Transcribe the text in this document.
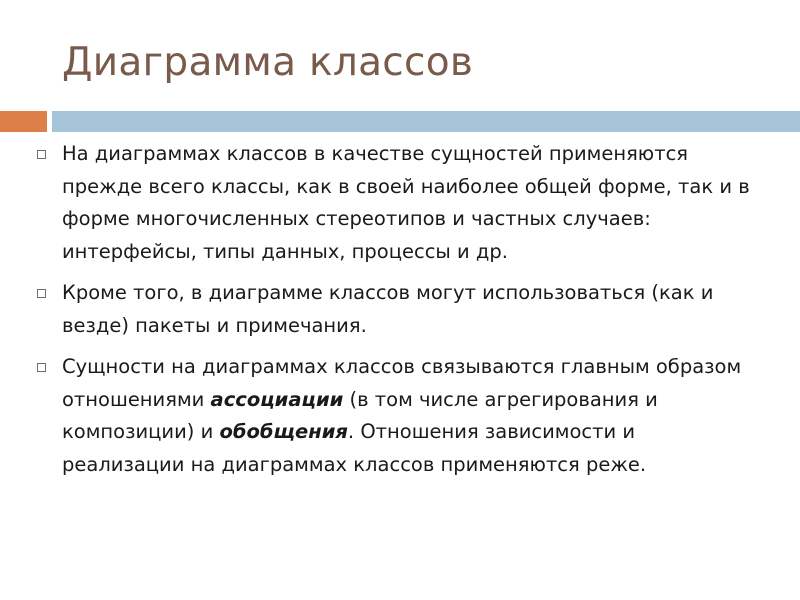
Диаграмма классов
На диаграммах классов в качестве сущностей применяются прежде всего классы, как в своей наиболее общей форме, так и в форме многочисленных стереотипов и частных случаев: интерфейсы, типы данных, процессы и др.
Кроме того, в диаграмме классов могут использоваться (как и везде) пакеты и примечания.
Сущности на диаграммах классов связываются главным образом отношениями ассоциации (в том числе агрегирования и композиции) и обобщения. Отношения зависимости и реализации на диаграммах классов применяются реже.
